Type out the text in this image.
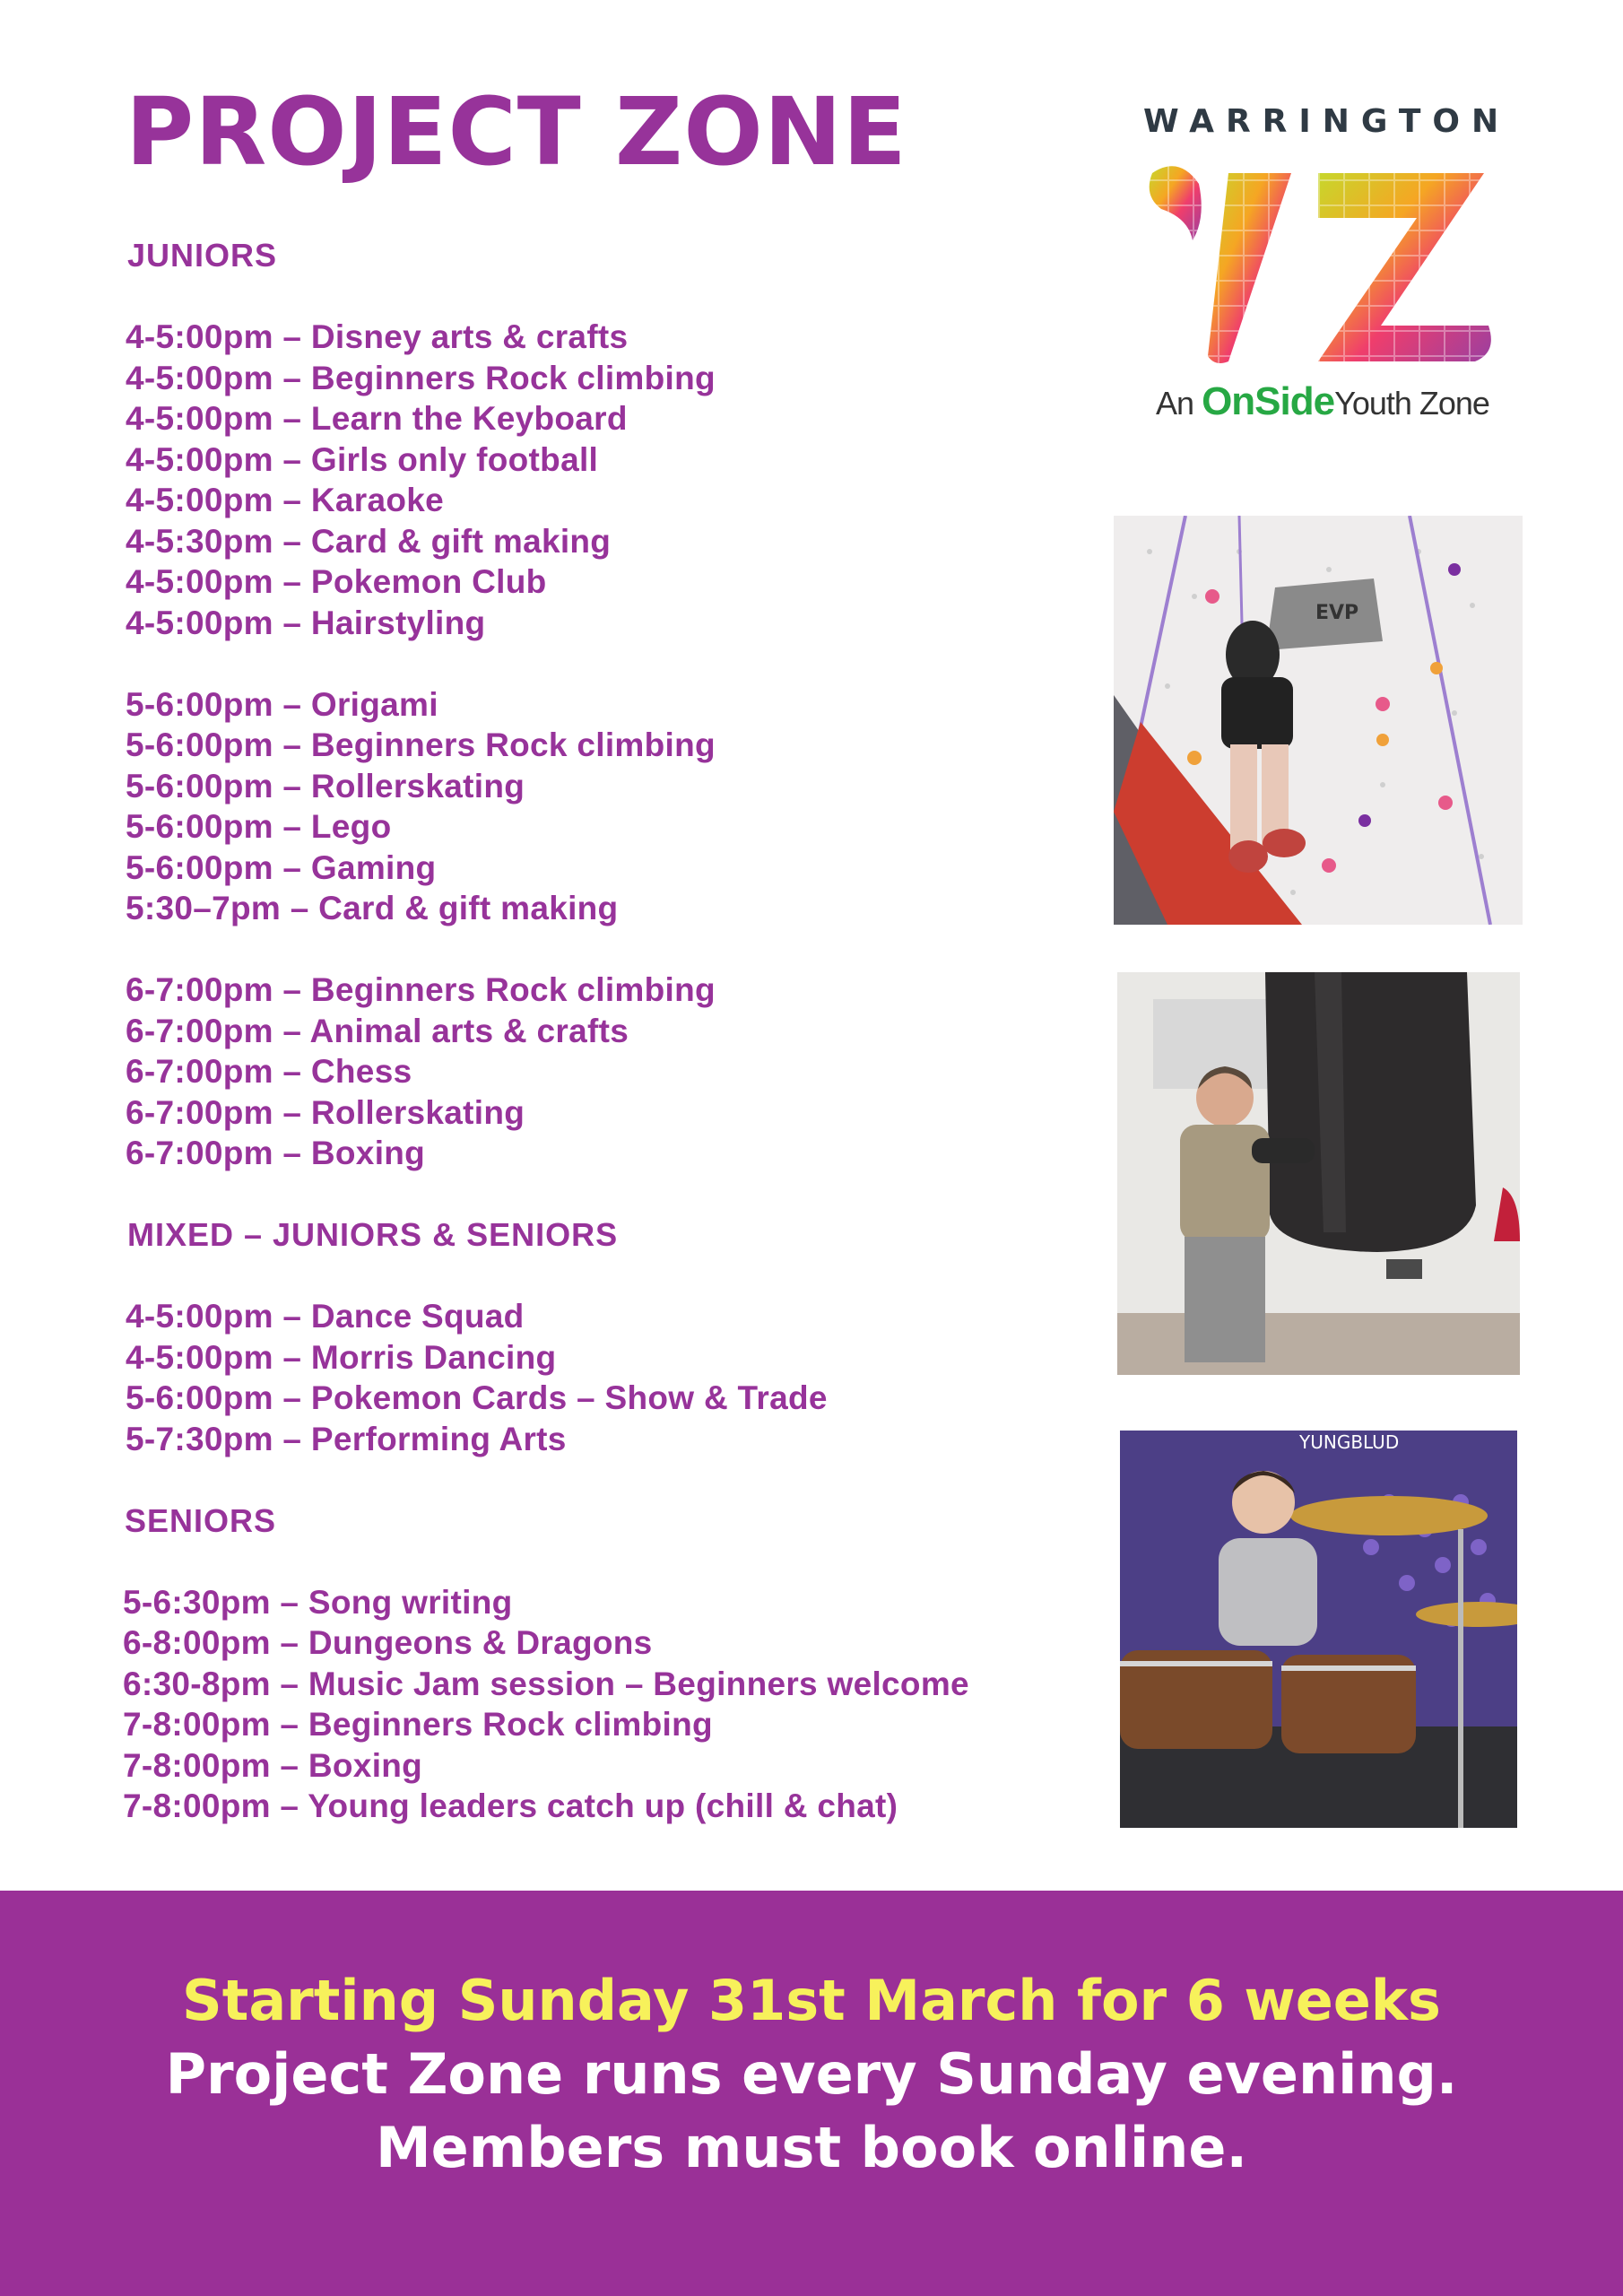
PROJECT ZONE

JUNIORS

4-5:00pm – Disney arts & crafts
4-5:00pm – Beginners Rock climbing
4-5:00pm – Learn the Keyboard
4-5:00pm – Girls only football
4-5:00pm – Karaoke
4-5:30pm – Card & gift making
4-5:00pm – Pokemon Club
4-5:00pm – Hairstyling
5-6:00pm – Origami
5-6:00pm – Beginners Rock climbing
5-6:00pm – Rollerskating
5-6:00pm – Lego
5-6:00pm – Gaming
5:30–7pm – Card & gift making
6-7:00pm – Beginners Rock climbing
6-7:00pm – Animal arts & crafts
6-7:00pm – Chess
6-7:00pm – Rollerskating
6-7:00pm – Boxing

MIXED – JUNIORS & SENIORS

4-5:00pm – Dance Squad
4-5:00pm – Morris Dancing
5-6:00pm – Pokemon Cards – Show & Trade
5-7:30pm – Performing Arts

SENIORS

5-6:30pm – Song writing
6-8:00pm – Dungeons & Dragons
6:30-8pm – Music Jam session – Beginners welcome
7-8:00pm – Beginners Rock climbing
7-8:00pm – Boxing
7-8:00pm – Young leaders catch up (chill & chat)
WARRINGTON
An OnSideYouth Zone
EVP
YUNGBLUD
Starting Sunday 31st March for 6 weeks
Project Zone runs every Sunday evening.
Members must book online.
